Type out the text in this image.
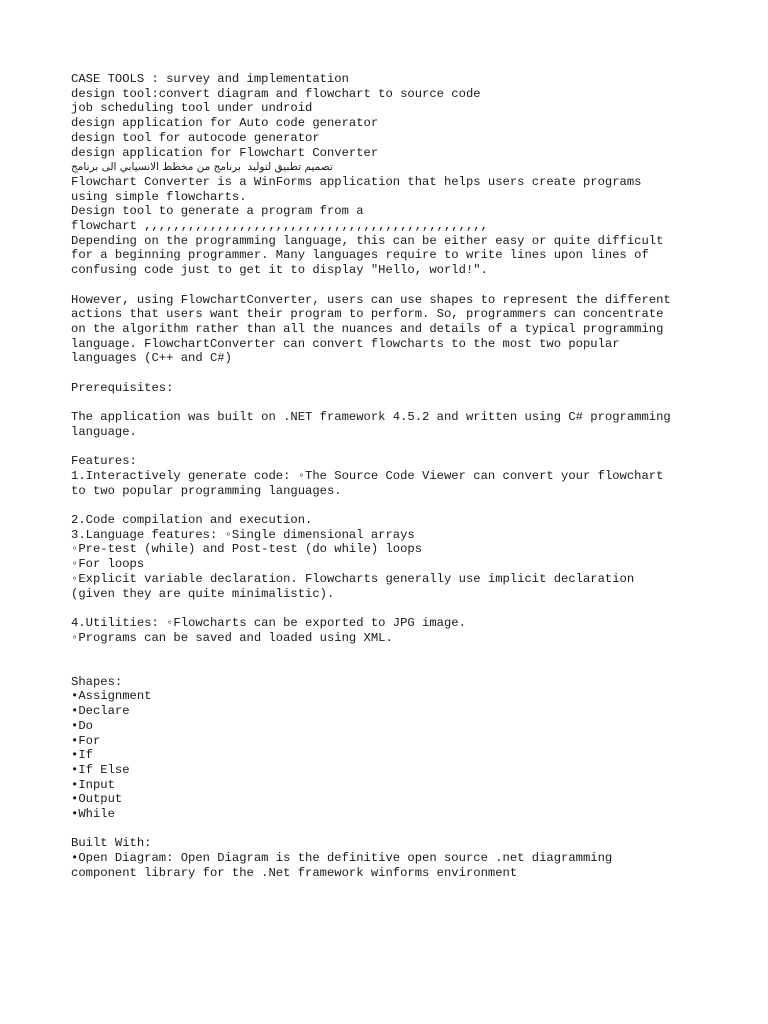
CASE TOOLS : survey and implementation
design tool:convert diagram and flowchart to source code
job scheduling tool under undroid
design application for Auto code generator
design tool for autocode generator
design application for Flowchart Converter
تصميم تطبيق لتوليد  برنامج من مخطط الانسيابي الى برنامج
Flowchart Converter is a WinForms application that helps users create programs
using simple flowcharts.
Design tool to generate a program from a
flowchart ,,,,,,,,,,,,,,,,,,,,,,,,,,,,,,,,,,,,,,,,,,,,,,,
Depending on the programming language, this can be either easy or quite difficult
for a beginning programmer. Many languages require to write lines upon lines of
confusing code just to get it to display "Hello, world!".
However, using FlowchartConverter, users can use shapes to represent the different
actions that users want their program to perform. So, programmers can concentrate
on the algorithm rather than all the nuances and details of a typical programming
language. FlowchartConverter can convert flowcharts to the most two popular
languages (C++ and C#)
Prerequisites:
The application was built on .NET framework 4.5.2 and written using C# programming
language.
Features:
1.Interactively generate code: ◦The Source Code Viewer can convert your flowchart
to two popular programming languages.
2.Code compilation and execution.
3.Language features: ◦Single dimensional arrays
◦Pre-test (while) and Post-test (do while) loops
◦For loops
◦Explicit variable declaration. Flowcharts generally use implicit declaration
(given they are quite minimalistic).
4.Utilities: ◦Flowcharts can be exported to JPG image.
◦Programs can be saved and loaded using XML.
Shapes:
•Assignment
•Declare
•Do
•For
•If
•If Else
•Input
•Output
•While
Built With:
•Open Diagram: Open Diagram is the definitive open source .net diagramming
component library for the .Net framework winforms environment
